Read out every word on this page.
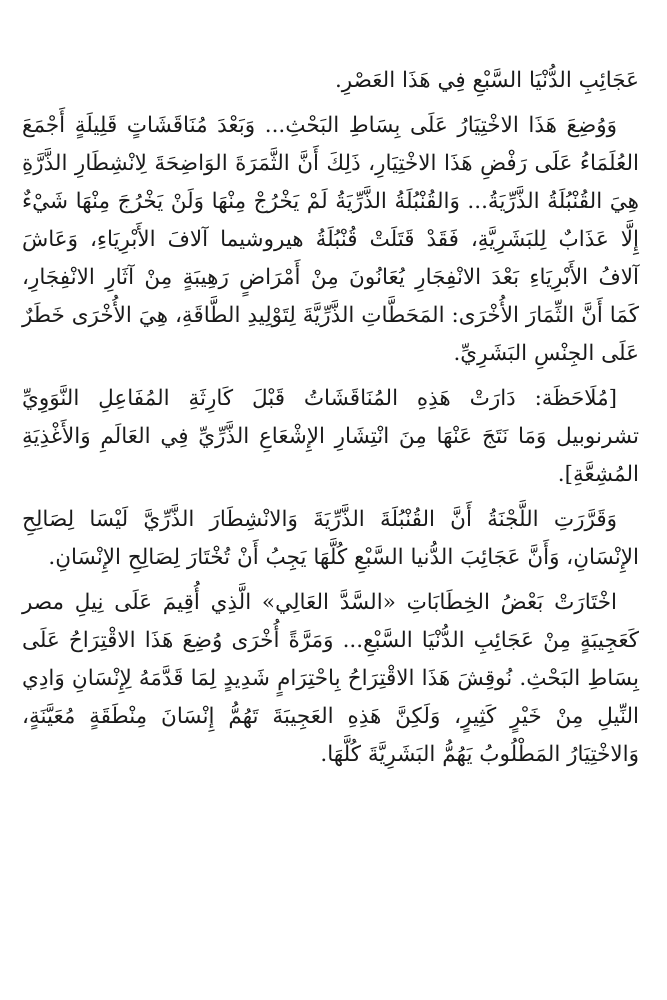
عَجَائِبِ الدُّنْيَا السَّبْعِ فِي هَذَا العَصْرِ.

وَوُضِعَ هَذَا الاخْتِيَارُ عَلَى بِسَاطِ البَحْثِ... وَبَعْدَ مُنَاقَشَاتٍ قَلِيلَةٍ أَجْمَعَ العُلَمَاءُ عَلَى رَفْضِ هَذَا الاخْتِيَارِ، ذَلِكَ أَنَّ الثَّمَرَةَ الوَاضِحَةَ لِانْشِطَارِ الذَّرَّةِ هِيَ القُنْبُلَةُ الذَّرِّيَةُ... وَالقُنْبُلَةُ الذَّرِّيَةُ لَمْ يَخْرُجْ مِنْهَا وَلَنْ يَخْرُجَ مِنْهَا شَيْءٌ إِلَّا عَذَابٌ لِلبَشَرِيَّةِ، فَقَدْ قَتَلَتْ قُنْبُلَةُ هيروشيما آلافَ الأَبْرِيَاءِ، وَعَاشَ آلافُ الأَبْرِيَاءِ بَعْدَ الانْفِجَارِ يُعَانُونَ مِنْ أَمْرَاضٍ رَهِيبَةٍ مِنْ آثَارِ الانْفِجَارِ، كَمَا أَنَّ الثِّمَارَ الأُخْرَى: المَحَطَّاتِ الذَّرِّيَّةَ لِتَوْلِيدِ الطَّاقَةِ، هِيَ الأُخْرَى خَطَرٌ عَلَى الجِنْسِ البَشَرِيِّ.

[مُلَاحَظَة: دَارَتْ هَذِهِ المُنَاقَشَاتُ قَبْلَ كَارِثَةِ المُفَاعِلِ النَّوَوِيِّ تشرنوبيل وَمَا نَتَجَ عَنْهَا مِنَ انْتِشَارِ الإِشْعَاعِ الذَّرِّيِّ فِي العَالَمِ وَالأَغْذِيَةِ المُشِعَّةِ].

وَقَرَّرَتِ اللَّجْنَةُ أَنَّ القُنْبُلَةَ الذَّرِّيَةَ وَالانْشِطَارَ الذَّرِّيَّ لَيْسَا لِصَالِحِ الإِنْسَانِ، وَأَنَّ عَجَائِبَ الدُّنيا السَّبْعِ كُلَّهَا يَجِبُ أَنْ تُخْتَارَ لِصَالِحِ الإِنْسَانِ.

اخْتَارَتْ بَعْضُ الخِطَابَاتِ «السَّدَّ العَالِي» الَّذِي أُقِيمَ عَلَى نِيلِ مصر كَعَجِيبَةٍ مِنْ عَجَائِبِ الدُّنْيَا السَّبْعِ... وَمَرَّةً أُخْرَى وُضِعَ هَذَا الاقْتِرَاحُ عَلَى بِسَاطِ البَحْثِ. نُوقِشَ هَذَا الاقْتِرَاحُ بِاحْتِرَامٍ شَدِيدٍ لِمَا قَدَّمَهُ لِإِنْسَانِ وَادِي النِّيلِ مِنْ خَيْرٍ كَثِيرٍ، وَلَكِنَّ هَذِهِ العَجِيبَةَ تَهُمُّ إِنْسَانَ مِنْطَقَةٍ مُعَيَّنَةٍ، وَالاخْتِيَارُ المَطْلُوبُ يَهُمُّ البَشَرِيَّةَ كُلَّهَا.
